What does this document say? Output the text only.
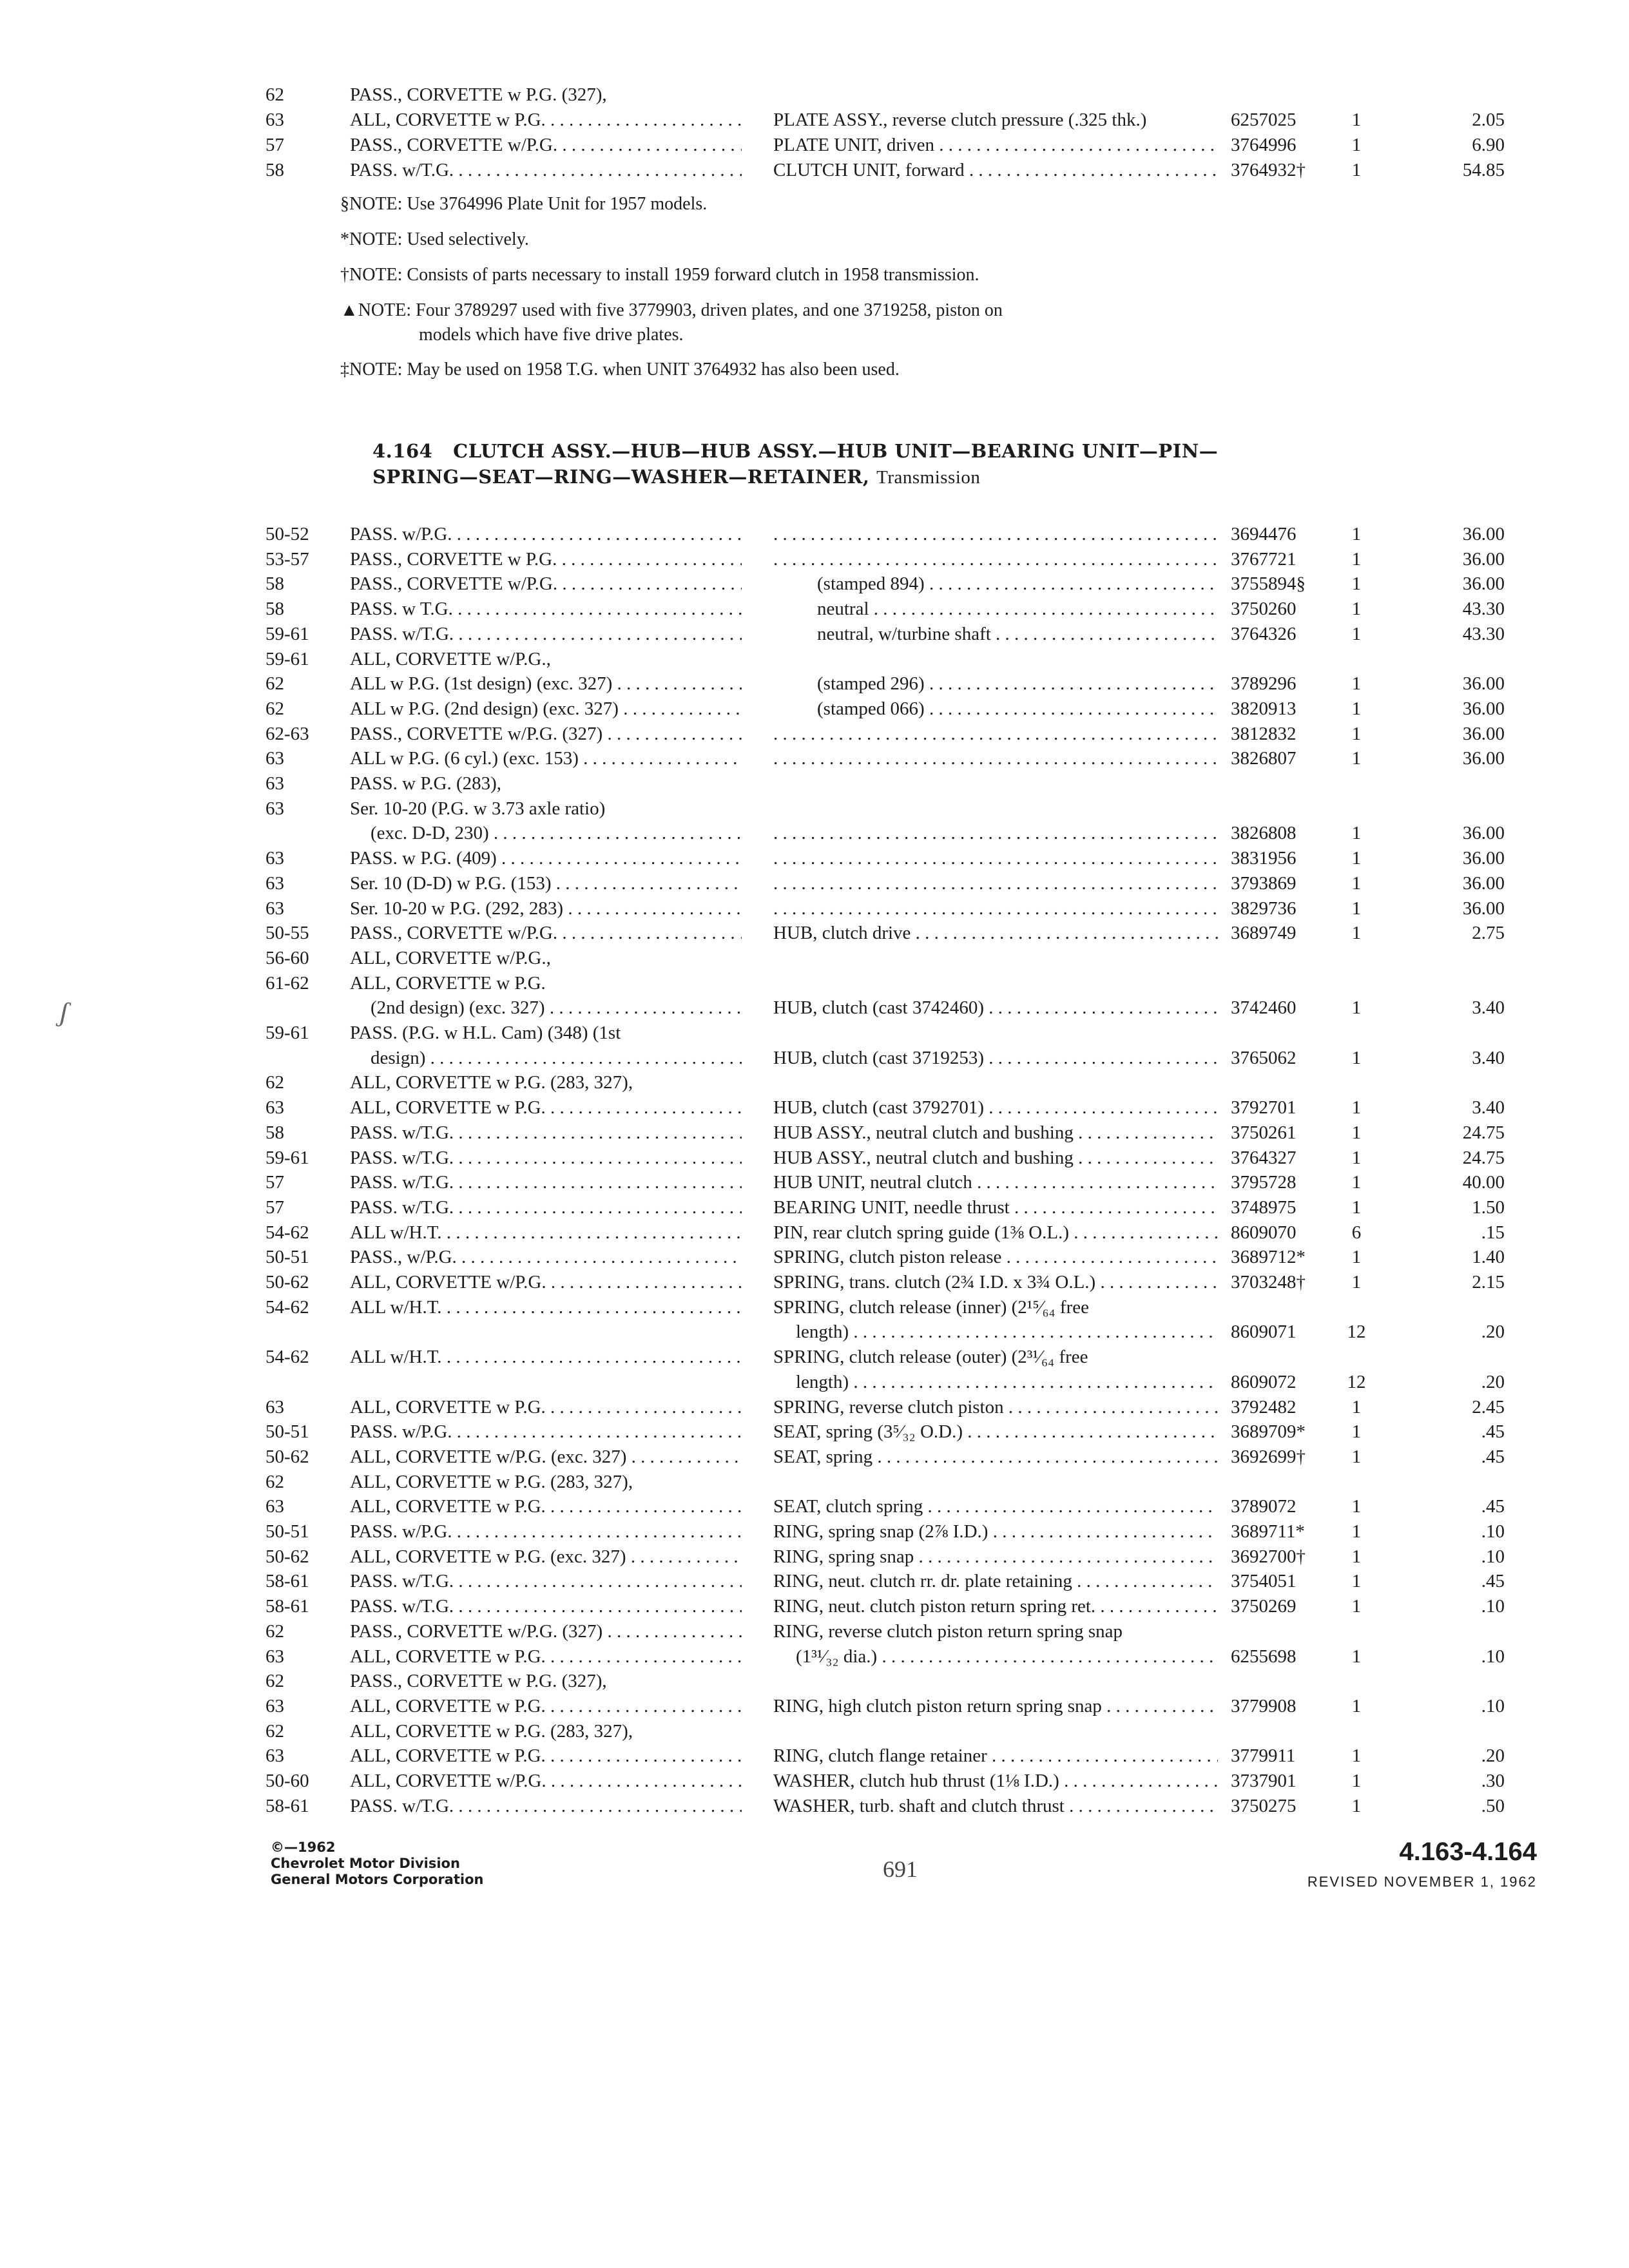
62	PASS., CORVETTE w P.G. (327),
63	ALL, CORVETTE w P.G. . . .	PLATE ASSY., reverse clutch pressure (.325 thk.)	6257025	1	2.05
57	PASS., CORVETTE w/P.G. . . .	PLATE UNIT, driven . . .	3764996	1	6.90
58	PASS. w/T.G. . . .	CLUTCH UNIT, forward . . .	3764932†	1	54.85
§NOTE: Use 3764996 Plate Unit for 1957 models.
*NOTE: Used selectively.
†NOTE: Consists of parts necessary to install 1959 forward clutch in 1958 transmission.
▲NOTE: Four 3789297 used with five 3779903, driven plates, and one 3719258, piston on
models which have five drive plates.
‡NOTE: May be used on 1958 T.G. when UNIT 3764932 has also been used.
4.164 CLUTCH ASSY.—HUB—HUB ASSY.—HUB UNIT—BEARING UNIT—PIN—
SPRING—SEAT—RING—WASHER—RETAINER, Transmission
50-52 PASS. w/P.G. . . . . . .	3694476	1	36.00
53-57 PASS., CORVETTE w P.G. . . . . . .	3767721	1	36.00
58	PASS., CORVETTE w/P.G. . . .	(stamped 894) . . .	3755894§	1	36.00
58	PASS. w T.G. . . .	neutral . . .	3750260	1	43.30
59-61 PASS. w/T.G. . . .	neutral, w/turbine shaft . . .	3764326	1	43.30
59-61 ALL, CORVETTE w/P.G.,
62	ALL w P.G. (1st design) (exc. 327) . . .	(stamped 296) . . .	3789296	1	36.00
62	ALL w P.G. (2nd design) (exc. 327) . . .	(stamped 066) . . .	3820913	1	36.00
62-63 PASS., CORVETTE w/P.G. (327) . . . . . .	3812832	1	36.00
63	ALL w P.G. (6 cyl.) (exc. 153) . . . . . .	3826807	1	36.00
63	PASS. w P.G. (283),
63	Ser. 10-20 (P.G. w 3.73 axle ratio)
(exc. D-D, 230) . . . . . .	3826808	1	36.00
63	PASS. w P.G. (409) . . . . . .	3831956	1	36.00
63	Ser. 10 (D-D) w P.G. (153) . . . . . .	3793869	1	36.00
63	Ser. 10-20 w P.G. (292, 283) . . . . . .	3829736	1	36.00
50-55 PASS., CORVETTE w/P.G. . . .	HUB, clutch drive . . .	3689749	1	2.75
56-60 ALL, CORVETTE w/P.G.,
61-62 ALL, CORVETTE w P.G.
(2nd design) (exc. 327) . . .	HUB, clutch (cast 3742460) . . .	3742460	1	3.40
59-61 PASS. (P.G. w H.L. Cam) (348) (1st
design) . . .	HUB, clutch (cast 3719253) . . .	3765062	1	3.40
62	ALL, CORVETTE w P.G. (283, 327),
63	ALL, CORVETTE w P.G. . . .	HUB, clutch (cast 3792701) . . .	3792701	1	3.40
58	PASS. w/T.G. . . .	HUB ASSY., neutral clutch and bushing . . .	3750261	1	24.75
59-61 PASS. w/T.G. . . .	HUB ASSY., neutral clutch and bushing . . .	3764327	1	24.75
57	PASS. w/T.G. . . .	HUB UNIT, neutral clutch . . .	3795728	1	40.00
57	PASS. w/T.G. . . .	BEARING UNIT, needle thrust . . .	3748975	1	1.50
54-62 ALL w/H.T. . . .	PIN, rear clutch spring guide (1⅜ O.L.) . . .	8609070	6	.15
50-51 PASS., w/P.G. . . .	SPRING, clutch piston release . . .	3689712*	1	1.40
50-62 ALL, CORVETTE w/P.G. . . .	SPRING, trans. clutch (2¾ I.D. x 3¾ O.L.) . . .	3703248†	1	2.15
54-62 ALL w/H.T. . . .	SPRING, clutch release (inner) (2¹⁵⁄₆₄ free
length) . . .	8609071	12	.20
54-62 ALL w/H.T. . . .	SPRING, clutch release (outer) (2³¹⁄₆₄ free
length) . . .	8609072	12	.20
63	ALL, CORVETTE w P.G. . . .	SPRING, reverse clutch piston . . .	3792482	1	2.45
50-51 PASS. w/P.G. . . .	SEAT, spring (3⁵⁄₃₂ O.D.) . . .	3689709*	1	.45
50-62 ALL, CORVETTE w/P.G. (exc. 327) . . .	SEAT, spring . . .	3692699†	1	.45
62	ALL, CORVETTE w P.G. (283, 327),
63	ALL, CORVETTE w P.G. . . .	SEAT, clutch spring . . .	3789072	1	.45
50-51 PASS. w/P.G. . . .	RING, spring snap (2⅞ I.D.) . . .	3689711*	1	.10
50-62 ALL, CORVETTE w P.G. (exc. 327) . . .	RING, spring snap . . .	3692700†	1	.10
58-61 PASS. w/T.G. . . .	RING, neut. clutch rr. dr. plate retaining . . .	3754051	1	.45
58-61 PASS. w/T.G. . . .	RING, neut. clutch piston return spring ret. . . .	3750269	1	.10
62	PASS., CORVETTE w/P.G. (327) . . .	RING, reverse clutch piston return spring snap
63	ALL, CORVETTE w P.G. . . .	(1³¹⁄₃₂ dia.) . . .	6255698	1	.10
62	PASS., CORVETTE w P.G. (327),
63	ALL, CORVETTE w P.G. . . .	RING, high clutch piston return spring snap . . .	3779908	1	.10
62	ALL, CORVETTE w P.G. (283, 327),
63	ALL, CORVETTE w P.G. . . .	RING, clutch flange retainer . . .	3779911	1	.20
50-60 ALL, CORVETTE w/P.G. . . .	WASHER, clutch hub thrust (1⅛ I.D.) . . .	3737901	1	.30
58-61 PASS. w/T.G. . . .	WASHER, turb. shaft and clutch thrust . . .	3750275	1	.50
ʃ
©—1962
Chevrolet Motor Division
General Motors Corporation	691
4.163-4.164
REVISED NOVEMBER 1, 1962
